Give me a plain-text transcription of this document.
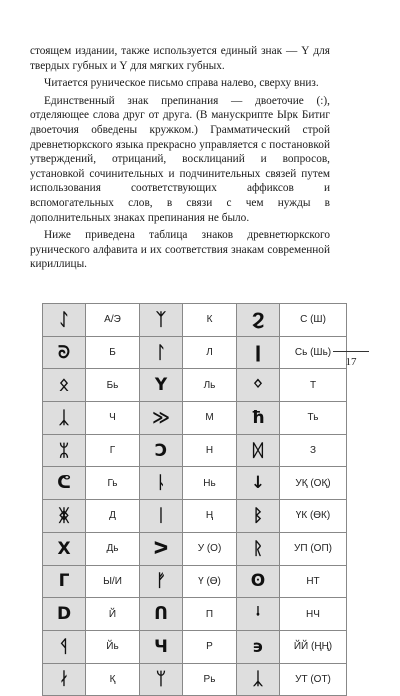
стоящем издании, также используется единый знак — Ү для твердых губных и Ү для мягких губных.

Читается руническое письмо справа налево, сверху вниз.

Единственный знак препинания — двоеточие (:), отделяющее слова друг от друга. (В манускрипте Ырк Битиг двоеточия обведены кружком.) Грамматический строй древнетюркского языка прекрасно управляется с постановкой утверждений, отрицаний, восклицаний и вопросов, установкой сочинительных и подчинительных связей путем использования соответствующих аффиксов и вспомогательных слов, в связи с чем нужды в дополнительных знаках препинания не было.

Ниже приведена таблица знаков древнетюркского рунического алфавита и их соответствия знакам современной кириллицы.

ᛇ	А/Э	ᛉ	К	Ϩ	С (Ш)
ᘐ	Б	ᛚ	Л	ǀ	Сь (Шь)
ᛟ	Бь	Y	Ль	ᛜ	Т
ᛣ	Ч	≫	М	ħ	Ть
ᛯ	Г	Ↄ	Н	ᛞ	З
ᕦ	Гь	ᚿ	Нь	↓	УҚ (ОҚ)
ᛤ	Д	ᛁ	Ң	ᛒ	ҮК (ӨК)
X	Дь	ᐳ	У (О)	ᚱ	УП (ОП)
Γ	Ы/И	ᚠ	Ү (Ө)	ʘ	НТ
D	Й	ᑎ	П	ᛍ	НЧ
ᛩ	Йь	Ч	Р	϶	ЙЙ (ҢҢ)
ᛅ	Қ	ᛘ	Рь	ᛣ	УТ (ОТ)
17
